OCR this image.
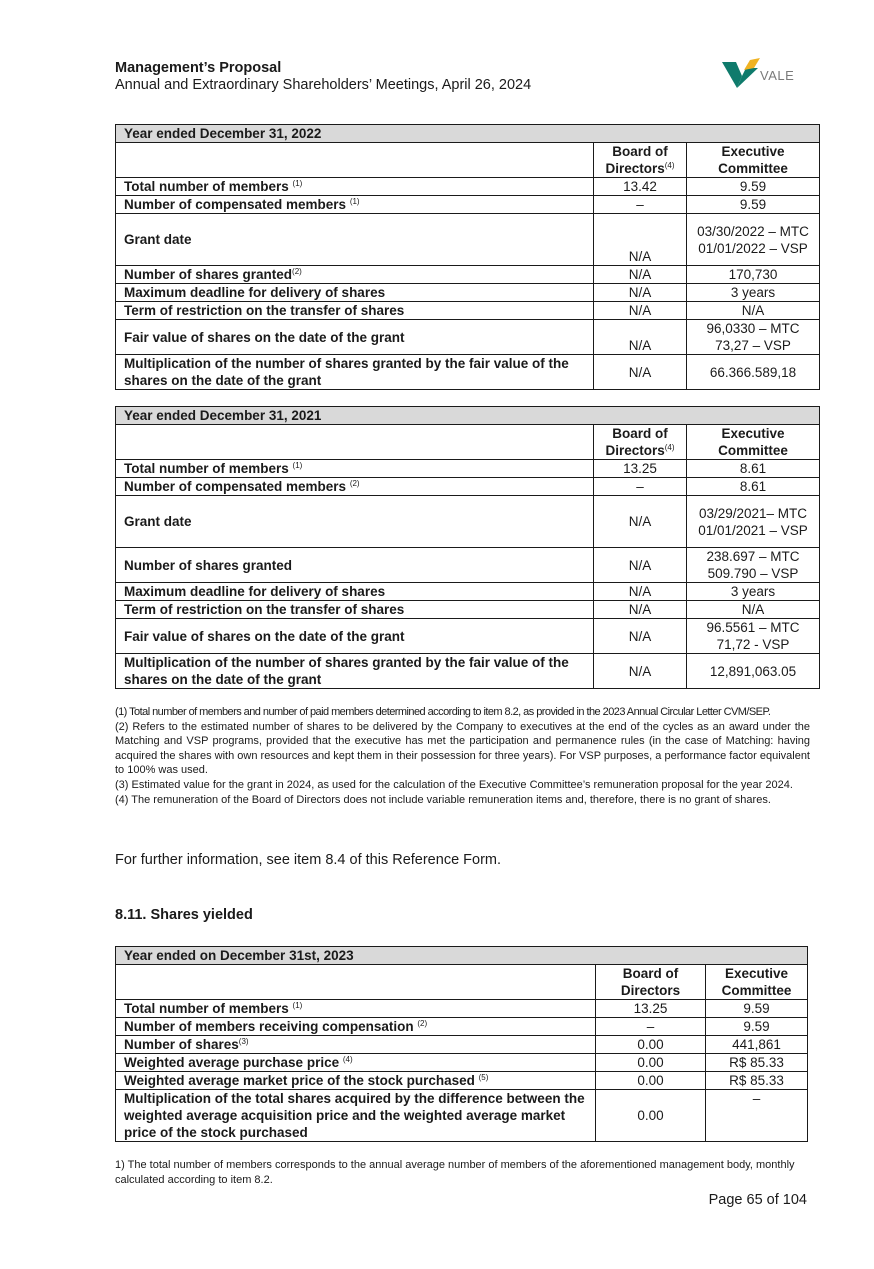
Management’s Proposal
Annual and Extraordinary Shareholders’ Meetings, April 26, 2024
VALE
Year ended December 31, 2022		
	Board of Directors$^{(4)}$	Executive Committee
Total number of members $^{(1)}$	13.42	9.59
Number of compensated members $^{(1)}$	–	9.59
Grant date	N/A	03/30/2022 – MTC 01/01/2022 – VSP
Number of shares granted$^{(2)}$	N/A	170,730
Maximum deadline for delivery of shares	N/A	3 years
Term of restriction on the transfer of shares	N/A	N/A
Fair value of shares on the date of the grant	N/A	96,0330 – MTC 73,27 – VSP
Multiplication of the number of shares granted by the fair value of the shares on the date of the grant	N/A	66.366.589,18
Year ended December 31, 2021		
	Board of Directors$^{(4)}$	Executive Committee
Total number of members $^{(1)}$	13.25	8.61
Number of compensated members $^{(2)}$	–	8.61
Grant date	N/A	03/29/2021– MTC 01/01/2021 – VSP
Number of shares granted	N/A	238.697 – MTC 509.790 – VSP
Maximum deadline for delivery of shares	N/A	3 years
Term of restriction on the transfer of shares	N/A	N/A
Fair value of shares on the date of the grant	N/A	96.5561 – MTC 71,72 - VSP
Multiplication of the number of shares granted by the fair value of the shares on the date of the grant	N/A	12,891,063.05
(1) Total number of members and number of paid members determined according to item 8.2, as provided in the 2023 Annual Circular Letter CVM/SEP.
(2) Refers to the estimated number of shares to be delivered by the Company to executives at the end of the cycles as an award under the Matching and VSP programs, provided that the executive has met the participation and permanence rules (in the case of Matching: having acquired the shares with own resources and kept them in their possession for three years). For VSP purposes, a performance factor equivalent to 100% was used.
(3) Estimated value for the grant in 2024, as used for the calculation of the Executive Committee’s remuneration proposal for the year 2024.
(4) The remuneration of the Board of Directors does not include variable remuneration items and, therefore, there is no grant of shares.
For further information, see item 8.4 of this Reference Form.
8.11. Shares yielded
Year ended on December 31st, 2023		
	Board of Directors	Executive Committee
Total number of members $^{(1)}$	13.25	9.59
Number of members receiving compensation $^{(2)}$	–	9.59
Number of shares$^{(3)}$	0.00	441,861
Weighted average purchase price $^{(4)}$	0.00	R$ 85.33
Weighted average market price of the stock purchased $^{(5)}$	0.00	R$ 85.33
Multiplication of the total shares acquired by the difference between the weighted average acquisition price and the weighted average market price of the stock purchased	0.00	–
1) The total number of members corresponds to the annual average number of members of the aforementioned management body, monthly calculated according to item 8.2.
Page 65 of 104
